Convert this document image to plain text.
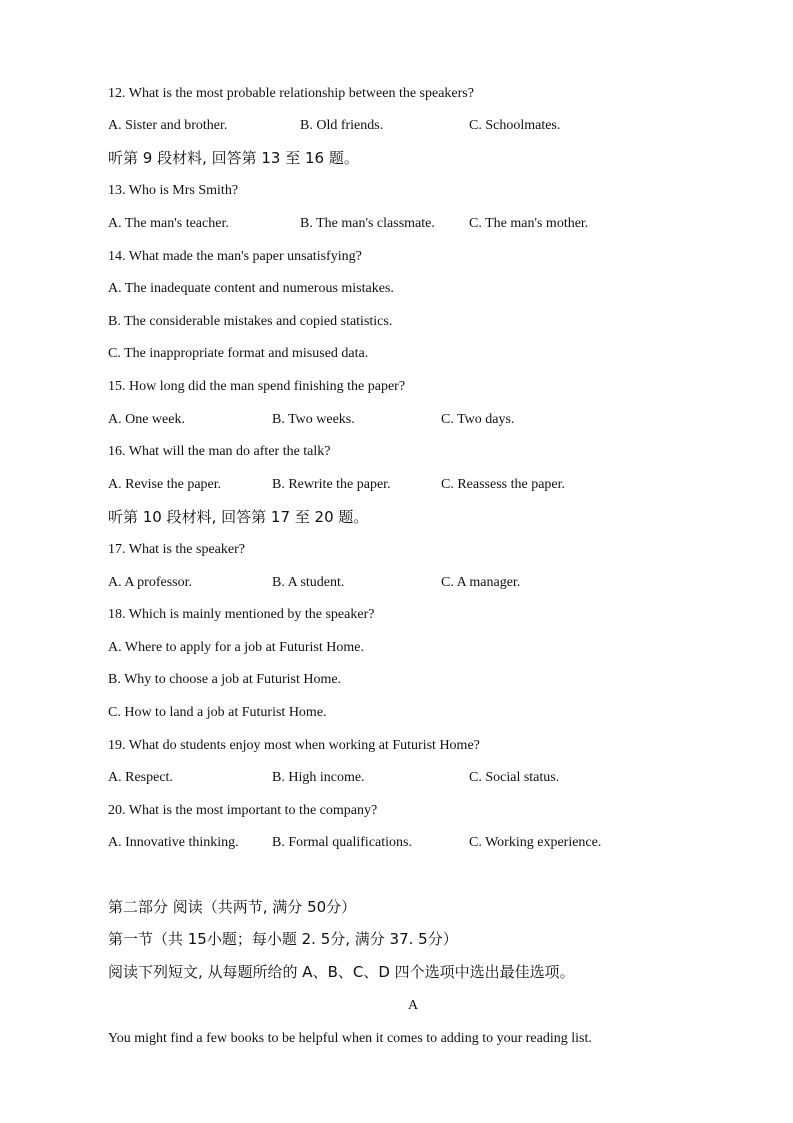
12. What is the most probable relationship between the speakers?
A. Sister and brother.	B. Old friends.	C. Schoolmates.
听第 9 段材料, 回答第 13 至 16 题。
13. Who is Mrs Smith?
A. The man's teacher.	B. The man's classmate. C. The man's mother.
14. What made the man's paper unsatisfying?
A. The inadequate content and numerous mistakes.
B. The considerable mistakes and copied statistics.
C. The inappropriate format and misused data.
15. How long did the man spend finishing the paper?
A. One week.	B. Two weeks.	C. Two days.
16. What will the man do after the talk?
A. Revise the paper.	B. Rewrite the paper.	C. Reassess the paper.
听第 10 段材料, 回答第 17 至 20 题。
17. What is the speaker?
A. A professor.	B. A student.	C. A manager.
18. Which is mainly mentioned by the speaker?
A. Where to apply for a job at Futurist Home.
B. Why to choose a job at Futurist Home.
C. How to land a job at Futurist Home.
19. What do students enjoy most when working at Futurist Home?
A. Respect.	B. High income.	C. Social status.
20. What is the most important to the company?
A. Innovative thinking. B. Formal qualifications.	C. Working experience.
第二部分 阅读（共两节, 满分 50分）
第一节（共 15小题；每小题 2. 5分, 满分 37. 5分）
阅读下列短文, 从每题所给的 A、B、C、D 四个选项中选出最佳选项。
A
You might find a few books to be helpful when it comes to adding to your reading list.
